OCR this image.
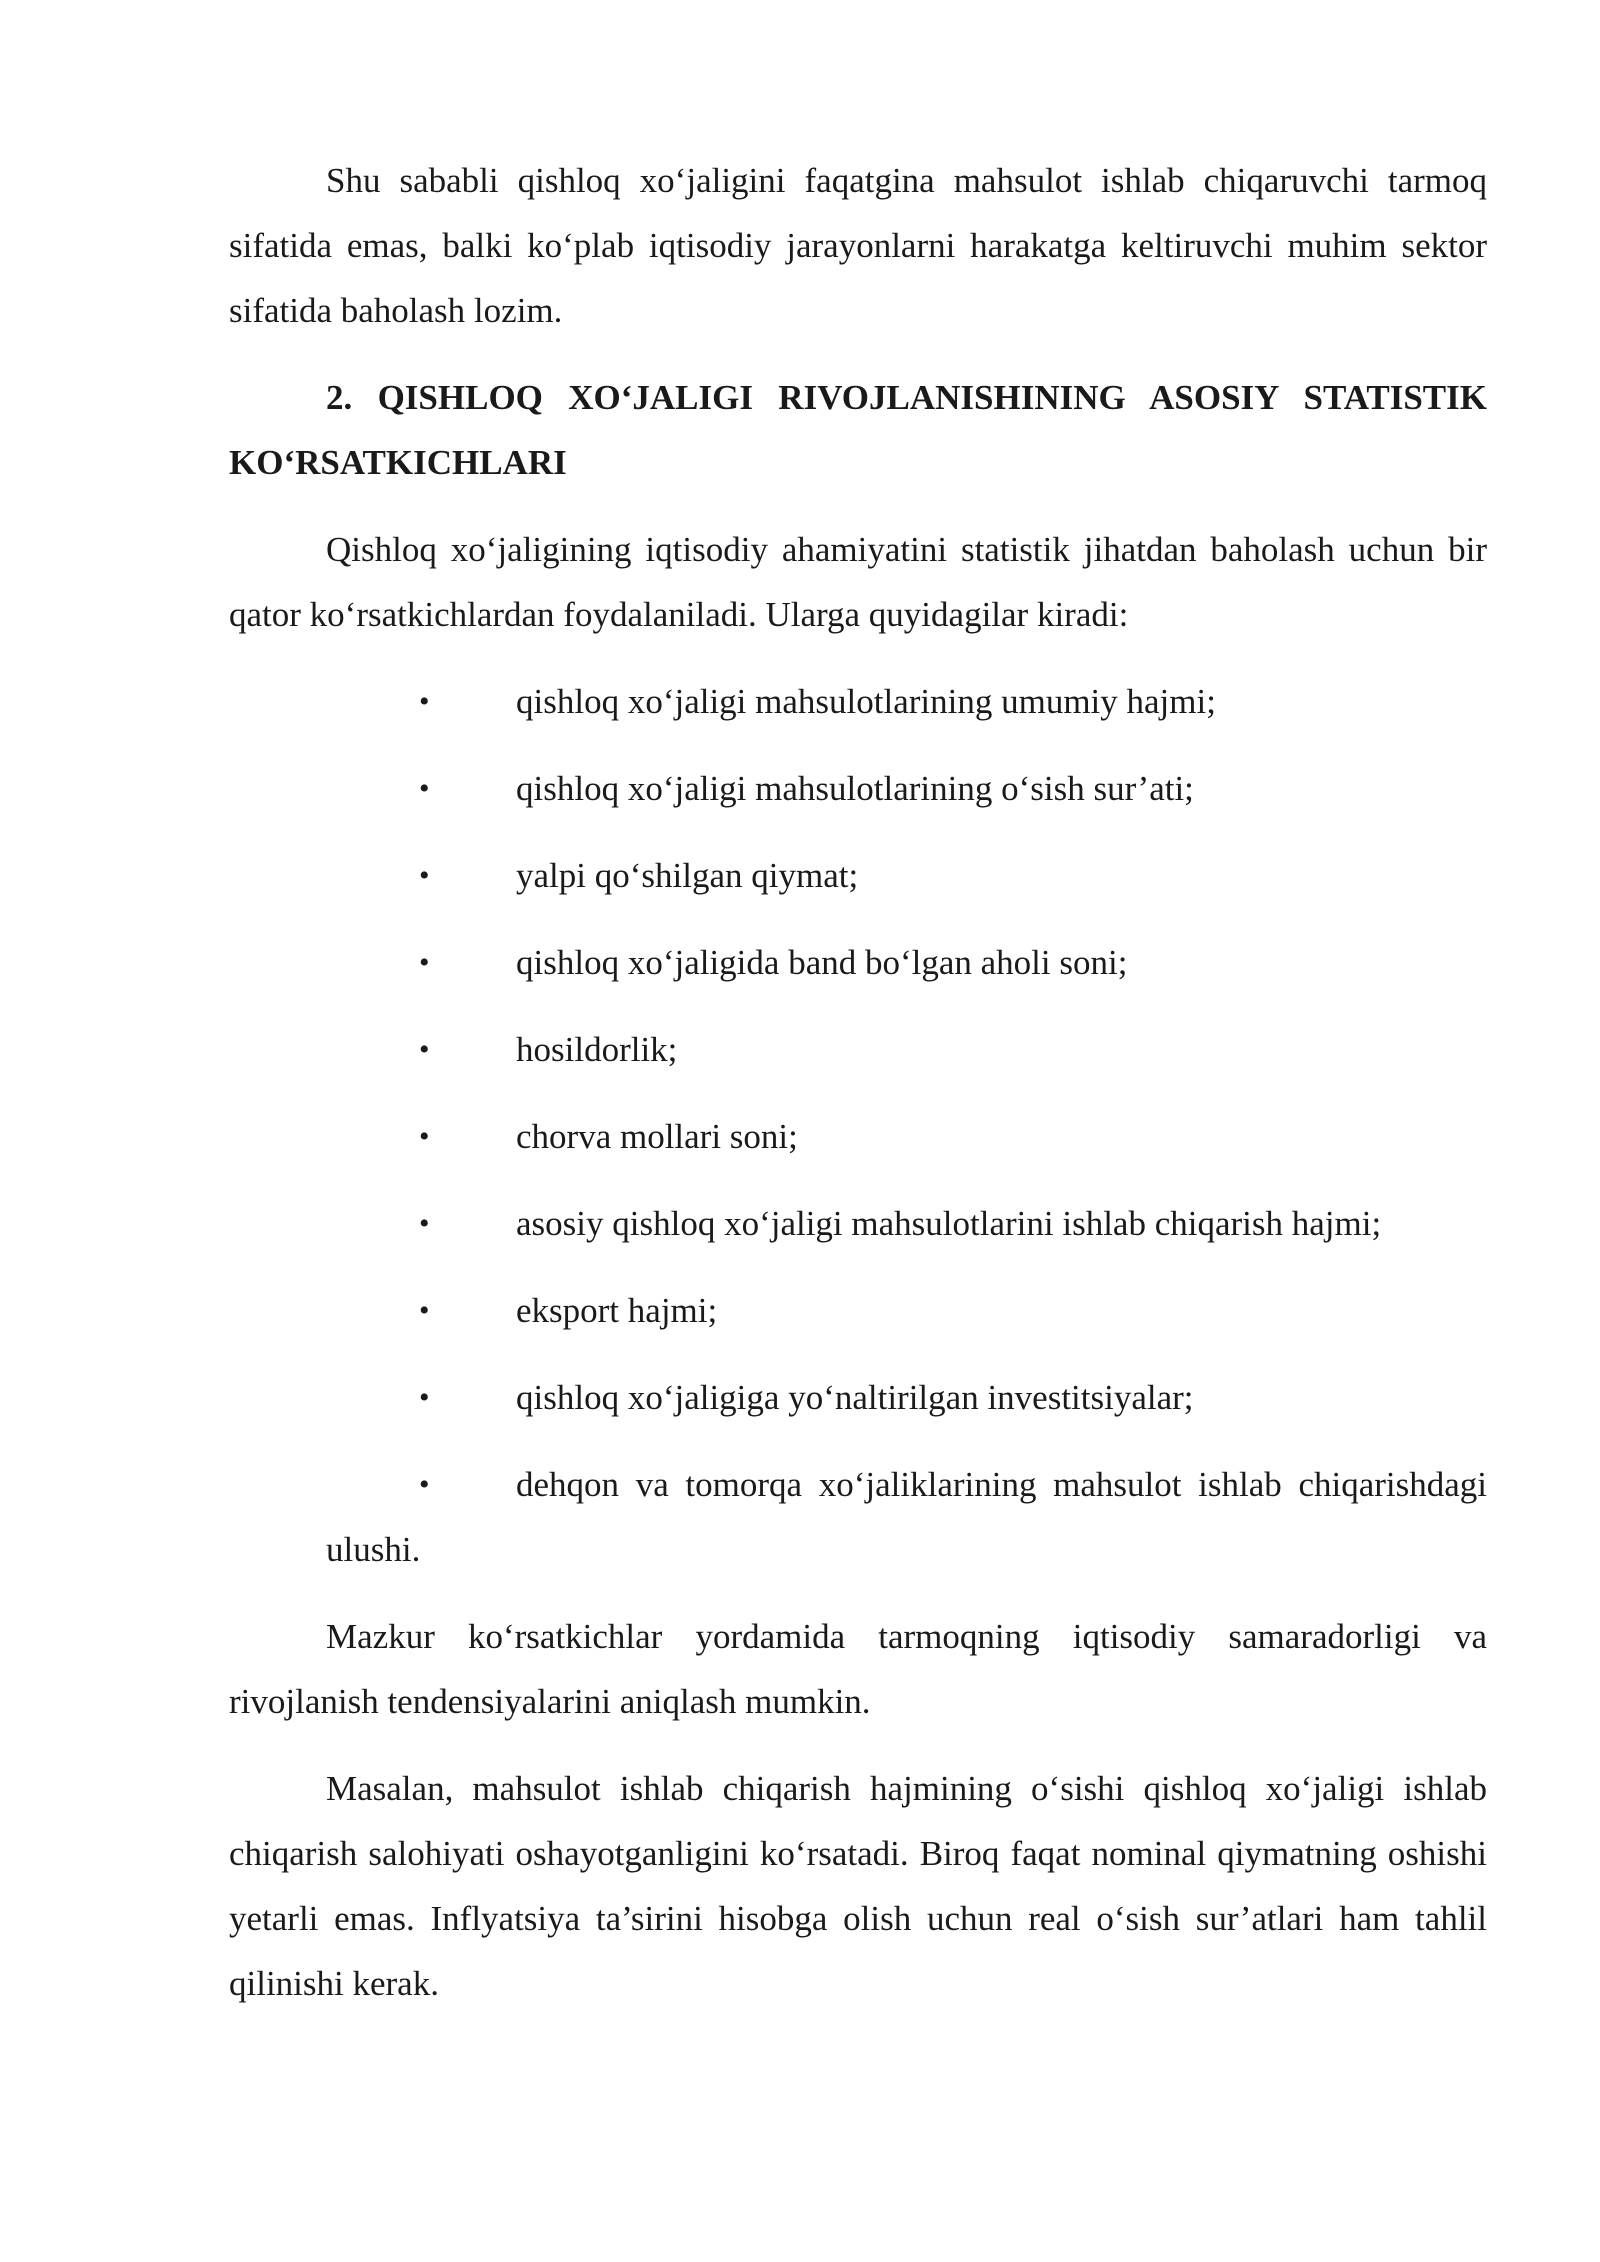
Shu sababli qishloq xo‘jaligini faqatgina mahsulot ishlab chiqaruvchi tarmoq sifatida emas, balki ko‘plab iqtisodiy jarayonlarni harakatga keltiruvchi muhim sektor sifatida baholash lozim.

2. QISHLOQ XO‘JALIGI RIVOJLANISHINING ASOSIY STATISTIK KO‘RSATKICHLARI

Qishloq xo‘jaligining iqtisodiy ahamiyatini statistik jihatdan baholash uchun bir qator ko‘rsatkichlardan foydalaniladi. Ularga quyidagilar kiradi:

• qishloq xo‘jaligi mahsulotlarining umumiy hajmi;
• qishloq xo‘jaligi mahsulotlarining o‘sish sur’ati;
• yalpi qo‘shilgan qiymat;
• qishloq xo‘jaligida band bo‘lgan aholi soni;
• hosildorlik;
• chorva mollari soni;
• asosiy qishloq xo‘jaligi mahsulotlarini ishlab chiqarish hajmi;
• eksport hajmi;
• qishloq xo‘jaligiga yo‘naltirilgan investitsiyalar;
• dehqon va tomorqa xo‘jaliklarining mahsulot ishlab chiqarishdagi ulushi.

Mazkur ko‘rsatkichlar yordamida tarmoqning iqtisodiy samaradorligi va rivojlanish tendensiyalarini aniqlash mumkin.

Masalan, mahsulot ishlab chiqarish hajmining o‘sishi qishloq xo‘jaligi ishlab chiqarish salohiyati oshayotganligini ko‘rsatadi. Biroq faqat nominal qiymatning oshishi yetarli emas. Inflyatsiya ta’sirini hisobga olish uchun real o‘sish sur’atlari ham tahlil qilinishi kerak.
